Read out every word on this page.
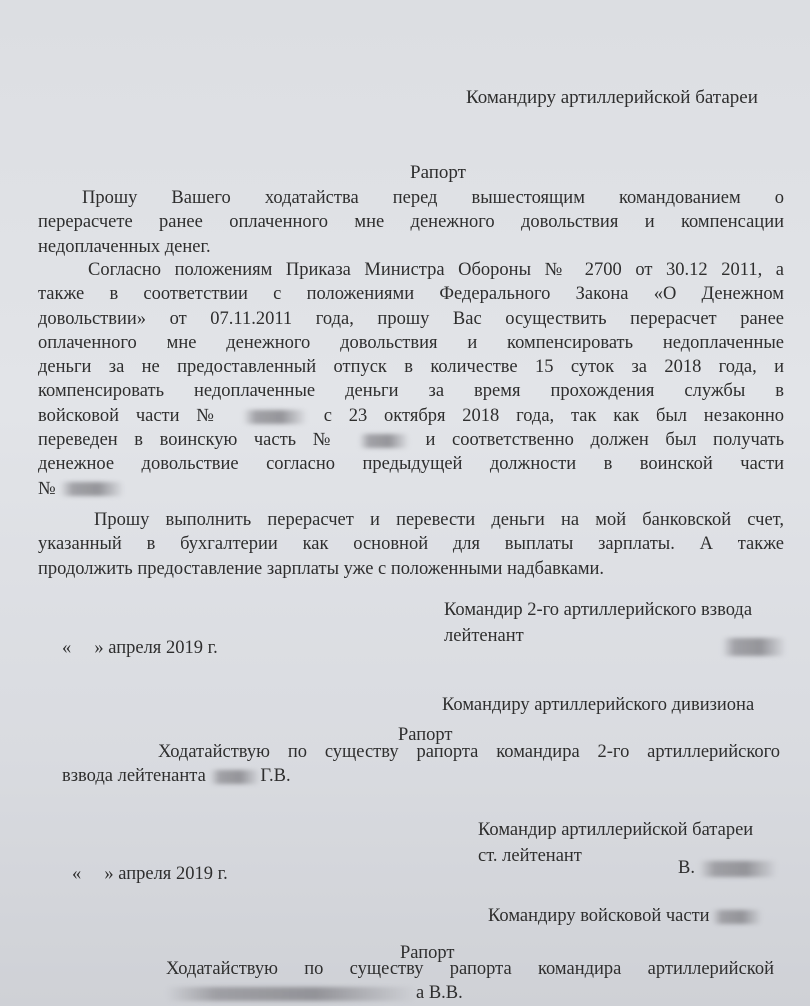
Командиру артиллерийской батареи
Рапорт
Прошу Вашего ходатайства перед вышестоящим командованием о
перерасчете ранее оплаченного мне денежного довольствия и компенсации
недоплаченных денег.
Согласно положениям Приказа Министра Обороны № 2700 от 30.12 2011, а
также в соответствии с положениями Федерального Закона «О Денежном
довольствии» от 07.11.2011 года, прошу Вас осуществить перерасчет ранее
оплаченного мне денежного довольствия и компенсировать недоплаченные
деньги за не предоставленный отпуск в количестве 15 суток за 2018 года, и
компенсировать недоплаченные деньги за время прохождения службы в
войсковой части №	с 23 октября 2018 года, так как был незаконно
переведен в воинскую часть №	и соответственно должен был получать
денежное довольствие согласно предыдущей должности в воинской части
№
Прошу выполнить перерасчет и перевести деньги на мой банковской счет,
указанный в бухгалтерии как основной для выплаты зарплаты. А также
продолжить предоставление зарплаты уже с положенными надбавками.
Командир 2-го артиллерийского взвода
лейтенант
«     » апреля 2019 г.
Командиру артиллерийского дивизиона
Рапорт
Ходатайствую по существу рапорта командира 2-го артиллерийского
взвода лейтенанта	Г.В.
Командир артиллерийской батареи
ст. лейтенант
«     » апреля 2019 г.	В.
Командиру войсковой части
Рапорт
Ходатайствую по существу рапорта командира артиллерийской
а В.В.
